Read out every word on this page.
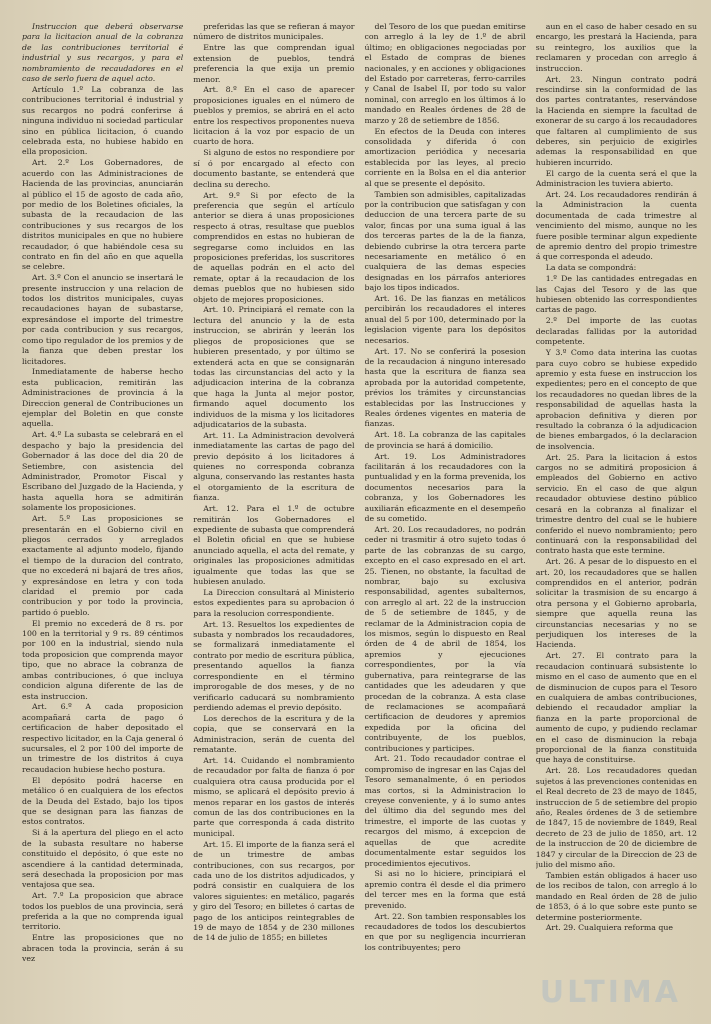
Instruccion que deberá observarse para la licitacion anual de la cobranza de las contribuciones territorial é industrial y sus recargos, y para el nombramiento de recaudadores en el caso de serlo fuera de aquel acto.

Artículo 1.º La cobranza de las contribuciones territorial é industrial y sus recargos no podrá conferirse á ninguna individuo ni sociedad particular sino en pública licitacion, ó cuando celebrada esta, no hubiese habido en ella proposicion.

Art. 2.º Los Gobernadores, de acuerdo con las Administraciones de Hacienda de las provincias, anunciarán al público el 15 de agosto de cada año, por medio de los Boletines oficiales, la subasta de la recaudacion de las contribuciones y sus recargos de los distritos municipales en que no hubiere recaudador, ó que habiéndole cesa su contrato en fin del año en que aquella se celebre.

Art. 3.º Con el anuncio se insertará le presente instruccion y una relacion de todos los distritos municipales, cuyas recaudaciones hayan de subastarse, expresándose el importe del trimestre por cada contribucion y sus recargos, como tipo regulador de los premios y de la fianza que deben prestar los licitadores.

Inmediatamente de haberse hecho esta publicacion, remitirán las Administraciones de provincia á la Direccion general de Contribuciones un ejemplar del Boletin en que conste aquella.

Art. 4.º La subasta se celebrará en el despacho y bajo la presidencia del Gobernador á las doce del dia 20 de Setiembre, con asistencia del Administrador, Promotor Fiscal y Escribano del Juzgado de la Hacienda, y hasta aquella hora se admitirán solamente los proposiciones.

Art. 5.º Las proposiciones se presentarán en el Gobierno civil en pliegos cerrados y arreglados exactamente al adjunto modelo, fijando el tiempo de la duracion del contrato, que no excederá ni bajará de tres años, y expresándose en letra y con toda claridad el premio por cada contribucion y por todo la provincia, partido ó pueblo.

El premio no excederá de 8 rs. por 100 en la territorial y 9 rs. 89 céntimos por 100 en la industrial, siendo nula toda proposicion que comprenda mayor tipo, que no abrace la cobranza de ambas contribuciones, ó que incluya condicion alguna diferente de las de esta instruccion.

Art. 6.º A cada proposicion acompañará carta de pago ó certificacion de haber depositado el respectivo licitador, en la Caja general ó sucursales, el 2 por 100 del importe de un trimestre de los distritos á cuya recaudacion hubiese hecho postura.

El depósito podrá hacerse en metálico ó en cualquiera de los efectos de la Deuda del Estado, bajo los tipos que se designan para las fianzas de estos contratos.

Si á la apertura del pliego en el acto de la subasta resultare no haberse constituido el depósito, ó que este no ascendiere á la cantidad determinada, será desechada la proposicion por mas ventajosa que sea.

Art. 7.º La proposicion que abrace todos los pueblos de una provincia, será preferida a la que no comprenda igual territorio.

Entre las proposiciones que no abracen toda la provincia, serán á su vez

preferidas las que se refieran á mayor número de distritos municipales.

Entre las que comprendan igual extension de pueblos, tendrá preferencia la que exija un premio menor.

Art. 8.º En el caso de aparecer proposiciones iguales en el número de pueblos y premios, se abrirá en el acto entre los respectivos proponentes nueva licitacion á la voz por espacio de un cuarto de hora.

Si alguno de estos no respondiere por sí ó por encargado al efecto con documento bastante, se entenderá que declina su derecho.

Art. 9.º Si por efecto de la preferencia que según el artículo anterior se diera á unas proposiciones respecto á otras, resultase que pueblos comprendidos en estas no hubieran de segregarse como incluidos en las proposiciones preferidas, los suscritores de aquellas podrán en el acto del remate, optar á la recaudacion de los demas pueblos que no hubiesen sido objeto de mejores proposiciones.

Art. 10. Principiará el remate con la lectura del anuncio y la de esta instruccion, se abrirán y leerán los pliegos de proposiciones que se hubieren presentado, y por último se extenderá acta en que se consignarán todas las circunstancias del acto y la adjudicacion interina de la cobranza que haga la Junta al mejor postor, firmando aquel documento los individuos de la misma y los licitadores adjudicatarios de la subasta.

Art. 11. La Administracion devolverá inmediatamente las cartas de pago del previo depósito á los licitadores á quienes no corresponda cobranza alguna, conservando las restantes hasta el otorgamiento de la escritura de fianza.

Art. 12. Para el 1.º de octubre remitirán los Gobernadores el expediente de subasta que comprenderá el Boletin oficial en que se hubiese anunciado aquella, el acta del remate, y originales las proposiciones admitidas igualmente que todas las que se hubiesen anulado.

La Direccion consultará al Ministerio estos expedientes para su aprobacion ó para la resolucion correspondiente.

Art. 13. Resueltos los expedientes de subasta y nombrados los recaudadores, se formalizará inmediatamente el contrato por medio de escritura pública, presentando aquellos la fianza correspondiente en el término improrogable de dos meses, y de no verificarlo caducará su nombramiento perdiendo ademas el previo depósito.

Los derechos de la escritura y de la copia, que se conservará en la Administracion, serán de cuenta del rematante.

Art. 14. Cuidando el nombramiento de recaudador por falta de fianza ó por cualquiera otra causa producida por el mismo, se aplicará el depósito previo á menos reparar en los gastos de interés comun de las dos contribuciones en la parte que corresponda á cada distrito municipal.

Art. 15. El importe de la fianza será el de un trimestre de ambas contribuciones, con sus recargos, por cada uno de los distritos adjudicados, y podrá consistir en cualquiera de los valores siguientes: en metálico, pagarés y giro del Tesoro; en billetes ó cartas de pago de los anticipos reintegrables de 19 de mayo de 1854 y de 230 millones de 14 de julio de 1855; en billetes

del Tesoro de los que puedan emitirse con arreglo á la ley de 1.º de abril último; en obligaciones negociadas por el Estado de compras de bienes nacionales, y en acciones y obligaciones del Estado por carreteras, ferro-carriles y Canal de Isabel II, por todo su valor nominal, con arreglo en los últimos á lo mandado en Reales órdenes de 28 de marzo y 28 de setiembre de 1856.

En efectos de la Deuda con interes consolidada y diferida ó con amortizacion periódica y necesaria establecida por las leyes, al precio corriente en la Bolsa en el dia anterior al que se presente el depósito.

Tambien son admisibles, capitalizadas por la contribucion que satisfagan y con deduccion de una tercera parte de su valor, fincas por una suma igual á las dos terceras partes de la de la fianza, debiendo cubrirse la otra tercera parte necesariamente en metálico ó en cualquiera de las demas especies designadas en los párrafos anteriores bajo los tipos indicados.

Art. 16. De las fianzas en metálicos percibirán los recaudadores el interes anual del 5 por 100, determinado por la legislacion vigente para los depósitos necesarios.

Art. 17. No se conferirá la posesion de la recaudacion á ninguno interesado hasta que la escritura de fianza sea aprobada por la autoridad competente, prévios los trámites y circunstancias establecidas por las Instrucciones y Reales órdenes vigentes en materia de fianzas.

Art. 18. La cobranza de las capitales de provincia se hará á domicilio.

Art. 19. Los Administradores facilitarán á los recaudadores con la puntualidad y en la forma prevenida, los documentos necesarios para la cobranza, y los Gobernadores les auxiliarán eficazmente en el desempeño de su cometido.

Art. 20. Los recaudadores, no podrán ceder ni trasmitir á otro sujeto todas ó parte de las cobranzas de su cargo, excepto en el caso expresado en el art. 25. Tienen, no obstante, la facultad de nombrar, bajo su exclusiva responsabilidad, agentes subalternos, con arreglo al art. 22 de la instruccion de 5 de setiembre de 1845, y de reclamar de la Administracion copia de los mismos, según lo dispuesto en Real órden de 4 de abril de 1854, los apremios y ejecuciones correspondientes, por la vía gubernativa, para reintegrarse de las cantidades que les adeudaren y que procedan de la cobranza. A esta clase de reclamaciones se acompañará certificacion de deudores y apremios expedida por la oficina del contribuyente, de los pueblos, contribuciones y participes.

Art. 21. Todo recaudador contrae el compromiso de ingresar en las Cajas del Tesoro semanalmente, ó en periodos mas cortos, si la Administracion lo creyese conveniente, y á lo sumo antes del último dia del segundo mes del trimestre, el importe de las cuotas y recargos del mismo, á excepcion de aquellas de que acredite documentalmente estar seguidos los procedimientos ejecutivos.

Si asi no lo hiciere, principiará el apremio contra él desde el dia primero del tercer mes en la forma que está prevenido.

Art. 22. Son tambien responsables los recaudadores de todos los descubiertos en que por su negligencia incurrieran los contribuyentes; pero

aun en el caso de haber cesado en su encargo, les prestará la Hacienda, para su reintegro, los auxilios que la reclamaren y procedan con arreglo á instruccion.

Art. 23. Ningun contrato podrá rescindirse sin la conformidad de las dos partes contratantes, reservándose la Hacienda en siempre la facultad de exonerar de su cargo á los recaudadores que faltaren al cumplimiento de sus deberes, sin perjuicio de exigirles ademas la responsabilidad en que hubieren incurrido.

El cargo de la cuenta será el que la Administracion les tuviera abierto.

Art. 24. Los recaudadores rendirán á la Administracion la cuenta documentada de cada trimestre al vencimiento del mismo, aunque no les fuere posible terminar algun expediente de apremio dentro del propio trimestre á que corresponda el adeudo.

La data se compondrá:

1.º De las cantidades entregadas en las Cajas del Tesoro y de las que hubiesen obtenido las correspondientes cartas de pago.

2.º Del importe de las cuotas declaradas fallidas por la autoridad competente.

Y 3.º Como data interina las cuotas para cuyo cobro se hubiese expedido apremio y esta fuese en instruccion los expedientes; pero en el concepto de que los recaudadores no quedan libres de la responsabilidad de aquellas hasta la aprobacion definitiva y dieren por resultado la cobranza ó la adjudicacion de bienes embargados, ó la declaracion de insolvencia.

Art. 25. Para la licitacion á estos cargos no se admitirá proposicion á empleados del Gobierno en activo servicio. En el caso de que algun recaudador obtuviese destino público cesará en la cobranza al finalizar el trimestre dentro del cual se le hubiere conferido el nuevo nombramiento; pero continuará con la responsabilidad del contrato hasta que este termine.

Art. 26. A pesar de lo dispuesto en el art. 20, los recaudadores que se hallen comprendidos en el anterior, podrán solicitar la trasmision de su encargo á otra persona y el Gobierno aprobarla, siempre que aquella reuna las circunstancias necesarias y no se perjudiquen los intereses de la Hacienda.

Art. 27. El contrato para la recaudacion continuará subsistente lo mismo en el caso de aumento que en el de disminucion de cupos para el Tesoro en cualquiera de ambas contribuciones, debiendo el recaudador ampliar la fianza en la parte proporcional de aumento de cupo, y pudiendo reclamar en el caso de disminucion la rebaja proporcional de la fianza constituida que haya de constituirse.

Art. 28. Los recaudadores quedan sujetos á las prevenciones contenidas en el Real decreto de 23 de mayo de 1845, instruccion de 5 de setiembre del propio año, Reales órdenes de 3 de setiembre de 1847, 15 de noviembre de 1849, Real decreto de 23 de julio de 1850, art. 12 de la instruccion de 20 de diciembre de 1847 y circular de la Direccion de 23 de julio del mismo año.

Tambien están obligados á hacer uso de los recibos de talon, con arreglo á lo mandado en Real órden de 28 de julio de 1853, ó á lo que sobre este punto se determine posteriormente.

Art. 29. Cualquiera reforma que

ULTIMA
